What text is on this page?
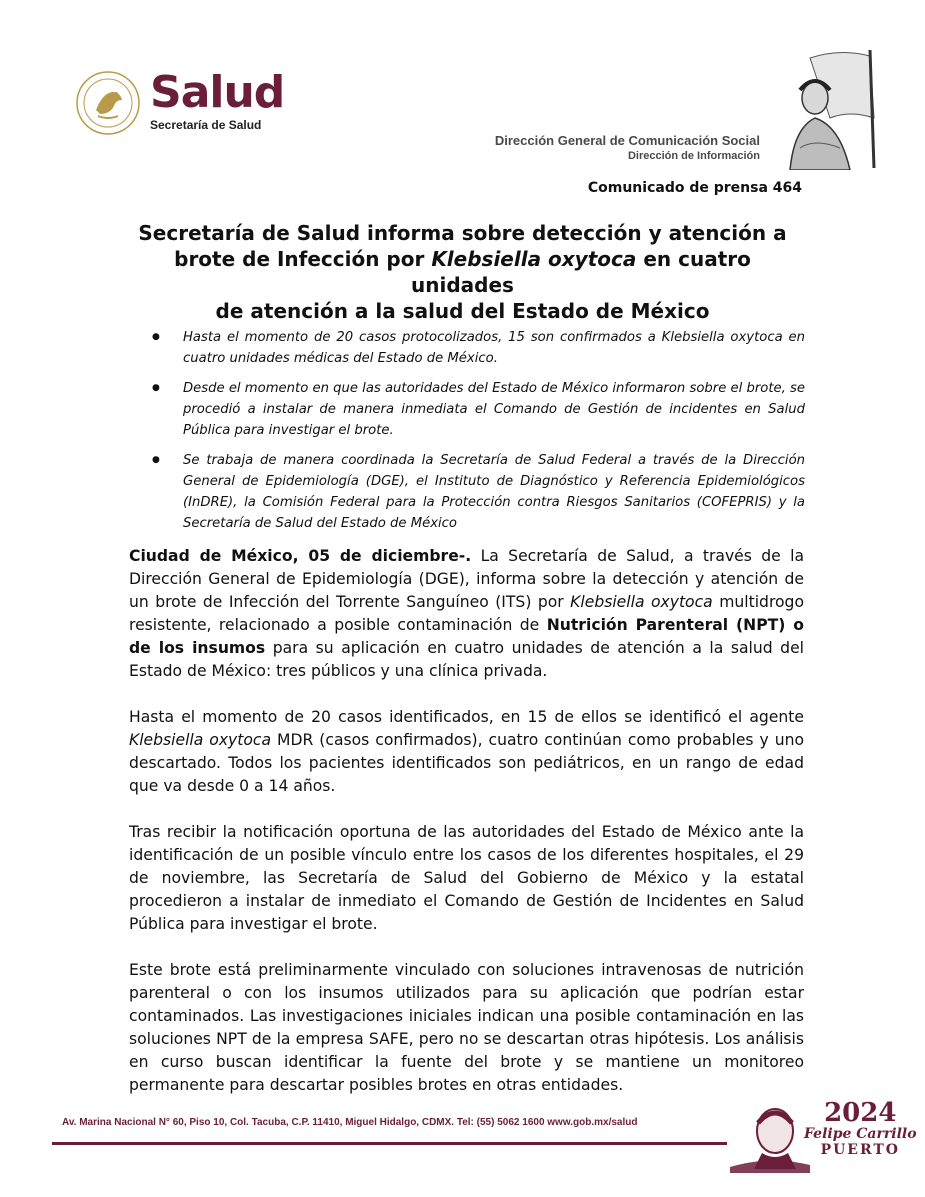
Salud
Secretaría de Salud
Dirección General de Comunicación Social
Dirección de Información
Comunicado de prensa 464
Secretaría de Salud informa sobre detección y atención a
brote de Infección por Klebsiella oxytoca en cuatro unidades
de atención a la salud del Estado de México
● Hasta el momento de 20 casos protocolizados, 15 son confirmados a Klebsiella oxytoca en cuatro unidades médicas del Estado de México.
● Desde el momento en que las autoridades del Estado de México informaron sobre el brote, se procedió a instalar de manera inmediata el Comando de Gestión de incidentes en Salud Pública para investigar el brote.
● Se trabaja de manera coordinada la Secretaría de Salud Federal a través de la Dirección General de Epidemiología (DGE), el Instituto de Diagnóstico y Referencia Epidemiológicos (InDRE), la Comisión Federal para la Protección contra Riesgos Sanitarios (COFEPRIS) y la Secretaría de Salud del Estado de México

Ciudad de México, 05 de diciembre-. La Secretaría de Salud, a través de la Dirección General de Epidemiología (DGE), informa sobre la detección y atención de un brote de Infección del Torrente Sanguíneo (ITS) por Klebsiella oxytoca multidrogo resistente, relacionado a posible contaminación de Nutrición Parenteral (NPT) o de los insumos para su aplicación en cuatro unidades de atención a la salud del Estado de México: tres públicos y una clínica privada.

Hasta el momento de 20 casos identificados, en 15 de ellos se identificó el agente Klebsiella oxytoca MDR (casos confirmados), cuatro continúan como probables y uno descartado. Todos los pacientes identificados son pediátricos, en un rango de edad que va desde 0 a 14 años.

Tras recibir la notificación oportuna de las autoridades del Estado de México ante la identificación de un posible vínculo entre los casos de los diferentes hospitales, el 29 de noviembre, las Secretaría de Salud del Gobierno de México y la estatal procedieron a instalar de inmediato el Comando de Gestión de Incidentes en Salud Pública para investigar el brote.

Este brote está preliminarmente vinculado con soluciones intravenosas de nutrición parenteral o con los insumos utilizados para su aplicación que podrían estar contaminados. Las investigaciones iniciales indican una posible contaminación en las soluciones NPT de la empresa SAFE, pero no se descartan otras hipótesis. Los análisis en curso buscan identificar la fuente del brote y se mantiene un monitoreo permanente para descartar posibles brotes en otras entidades.

Av. Marina Nacional N° 60, Piso 10, Col. Tacuba, C.P. 11410, Miguel Hidalgo, CDMX. Tel: (55) 5062 1600 www.gob.mx/salud	2024
Felipe Carrillo
PUERTO
